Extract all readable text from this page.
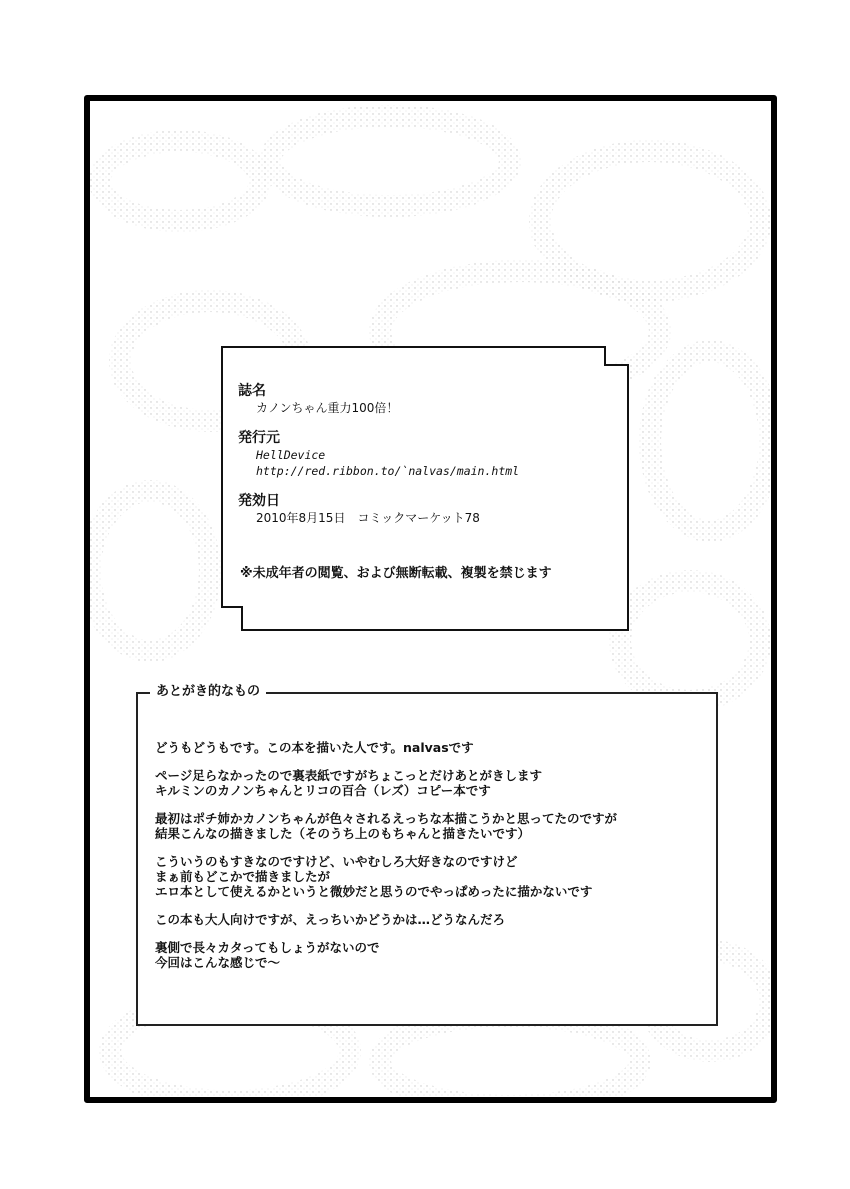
誌名

カノンちゃん重力100倍！

発行元

HellDevice

http://red.ribbon.to/`nalvas/main.html

発効日

2010年8月15日　コミックマーケット78

※未成年者の閲覧、および無断転載、複製を禁じます

あとがき的なもの

どうもどうもです。この本を描いた人です。nalvasです

ページ足らなかったので裏表紙ですがちょこっとだけあとがきします
キルミンのカノンちゃんとリコの百合（レズ）コピー本です

最初はポチ姉かカノンちゃんが色々されるえっちな本描こうかと思ってたのですが
結果こんなの描きました（そのうち上のもちゃんと描きたいです）

こういうのもすきなのですけど、いやむしろ大好きなのですけど
まぁ前もどこかで描きましたが
エロ本として使えるかというと微妙だと思うのでやっぱめったに描かないです

この本も大人向けですが、えっちいかどうかは…どうなんだろ

裏側で長々カタってもしょうがないので
今回はこんな感じで～
